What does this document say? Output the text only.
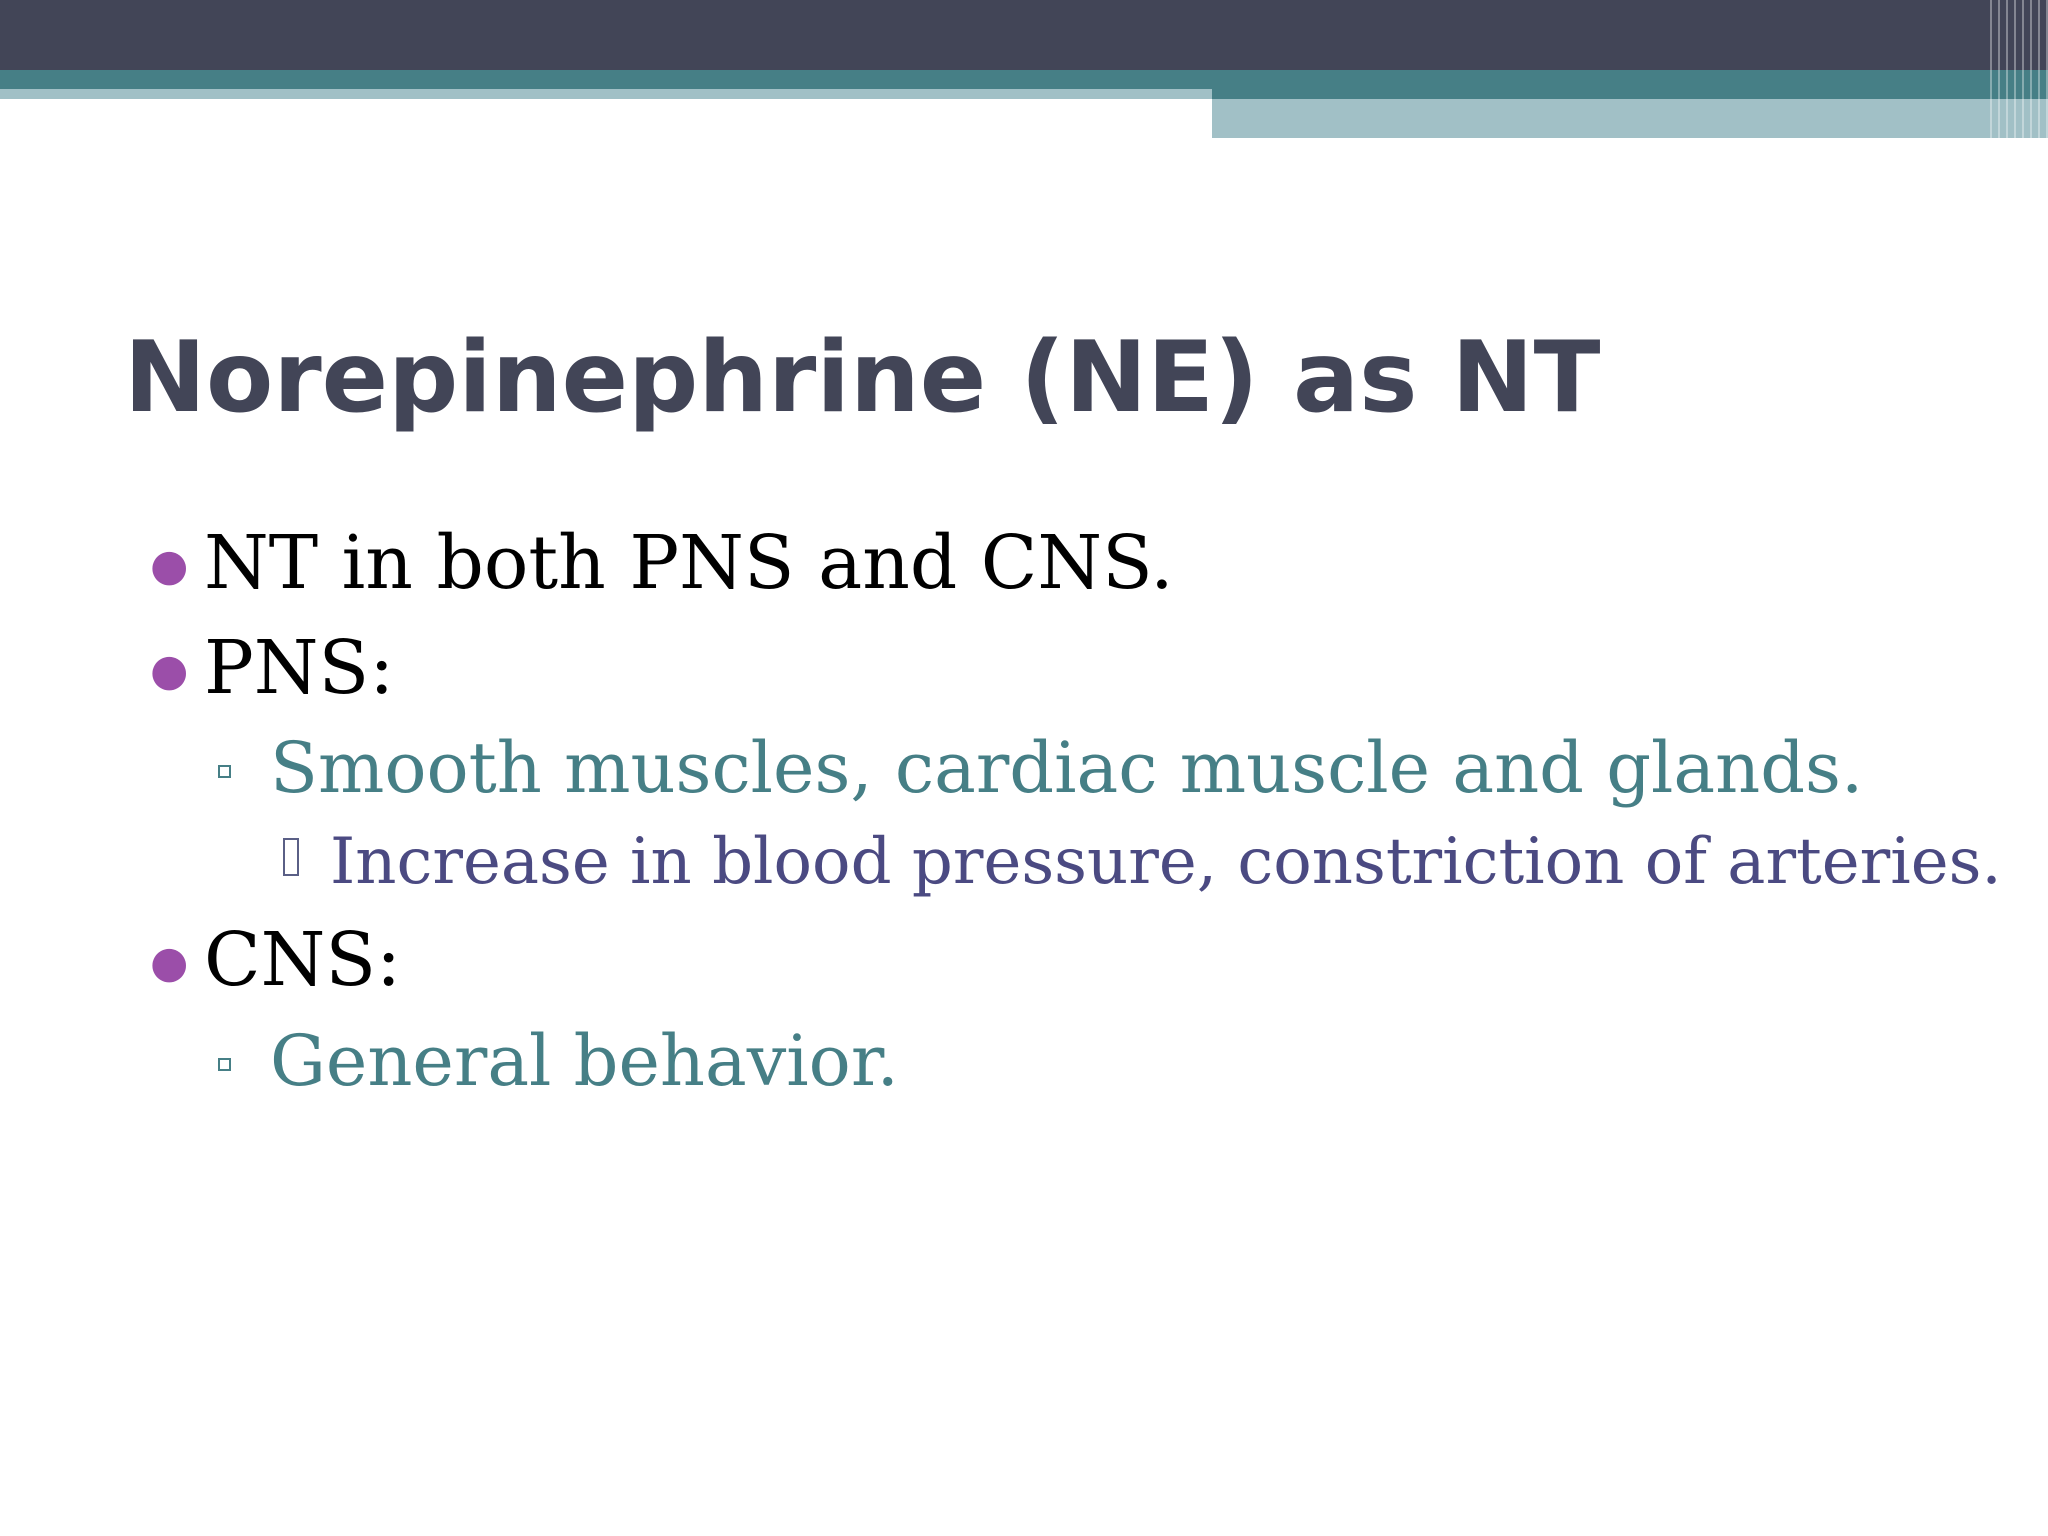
Norepinephrine (NE) as NT
● NT in both PNS and CNS.
● PNS:
Smooth muscles, cardiac muscle and glands.
Increase in blood pressure, constriction of arteries.
● CNS:
General behavior.
